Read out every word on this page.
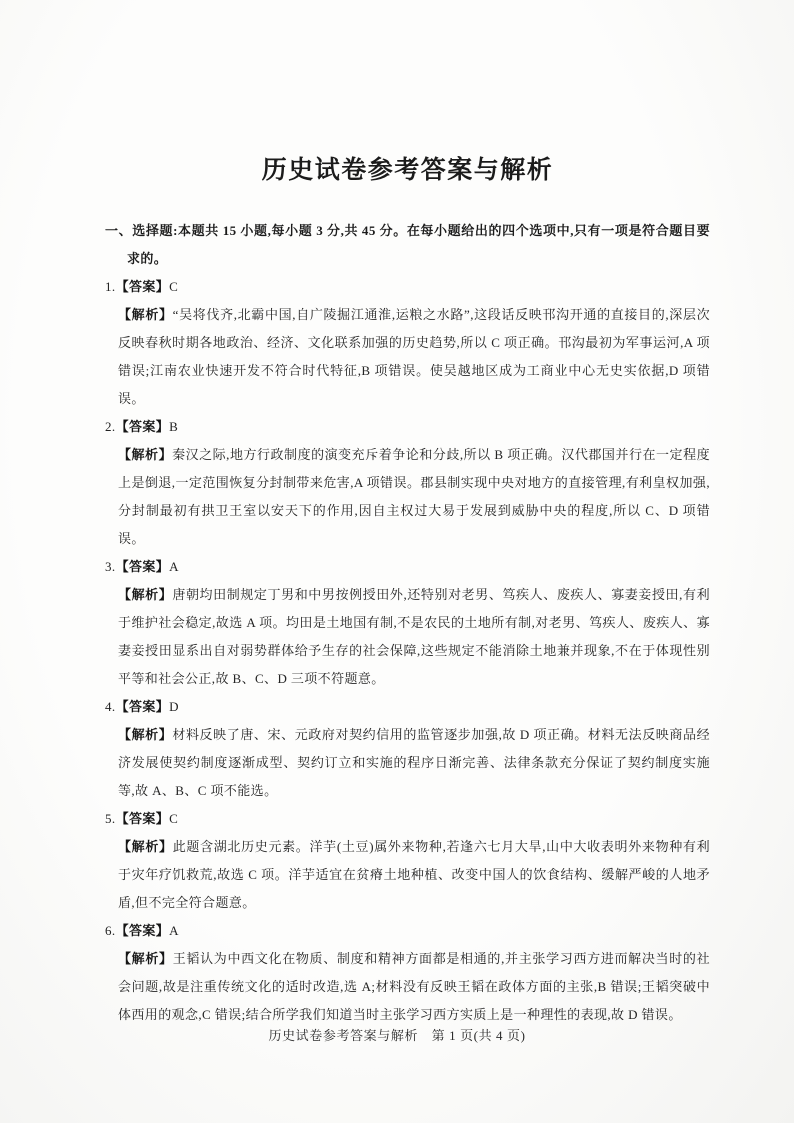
历史试卷参考答案与解析

一、选择题:本题共 15 小题,每小题 3 分,共 45 分。在每小题给出的四个选项中,只有一项是符合题目要求的。

1.【答案】C

【解析】“吴将伐齐,北霸中国,自广陵掘江通淮,运粮之水路”,这段话反映邗沟开通的直接目的,深层次反映春秋时期各地政治、经济、文化联系加强的历史趋势,所以 C 项正确。邗沟最初为军事运河,A 项错误;江南农业快速开发不符合时代特征,B 项错误。使吴越地区成为工商业中心无史实依据,D 项错误。

2.【答案】B

【解析】秦汉之际,地方行政制度的演变充斥着争论和分歧,所以 B 项正确。汉代郡国并行在一定程度上是倒退,一定范围恢复分封制带来危害,A 项错误。郡县制实现中央对地方的直接管理,有利皇权加强,分封制最初有拱卫王室以安天下的作用,因自主权过大易于发展到威胁中央的程度,所以 C、D 项错误。

3.【答案】A

【解析】唐朝均田制规定丁男和中男按例授田外,还特别对老男、笃疾人、废疾人、寡妻妾授田,有利于维护社会稳定,故选 A 项。均田是土地国有制,不是农民的土地所有制,对老男、笃疾人、废疾人、寡妻妾授田显系出自对弱势群体给予生存的社会保障,这些规定不能消除土地兼并现象,不在于体现性别平等和社会公正,故 B、C、D 三项不符题意。

4.【答案】D

【解析】材料反映了唐、宋、元政府对契约信用的监管逐步加强,故 D 项正确。材料无法反映商品经济发展使契约制度逐渐成型、契约订立和实施的程序日渐完善、法律条款充分保证了契约制度实施等,故 A、B、C 项不能选。

5.【答案】C

【解析】此题含湖北历史元素。洋芋(土豆)属外来物种,若逢六七月大旱,山中大收表明外来物种有利于灾年疗饥救荒,故选 C 项。洋芋适宜在贫瘠土地种植、改变中国人的饮食结构、缓解严峻的人地矛盾,但不完全符合题意。

6.【答案】A

【解析】王韬认为中西文化在物质、制度和精神方面都是相通的,并主张学习西方进而解决当时的社会问题,故是注重传统文化的适时改造,选 A;材料没有反映王韬在政体方面的主张,B 错误;王韬突破中体西用的观念,C 错误;结合所学我们知道当时主张学习西方实质上是一种理性的表现,故 D 错误。

历史试卷参考答案与解析　第 1 页(共 4 页)
